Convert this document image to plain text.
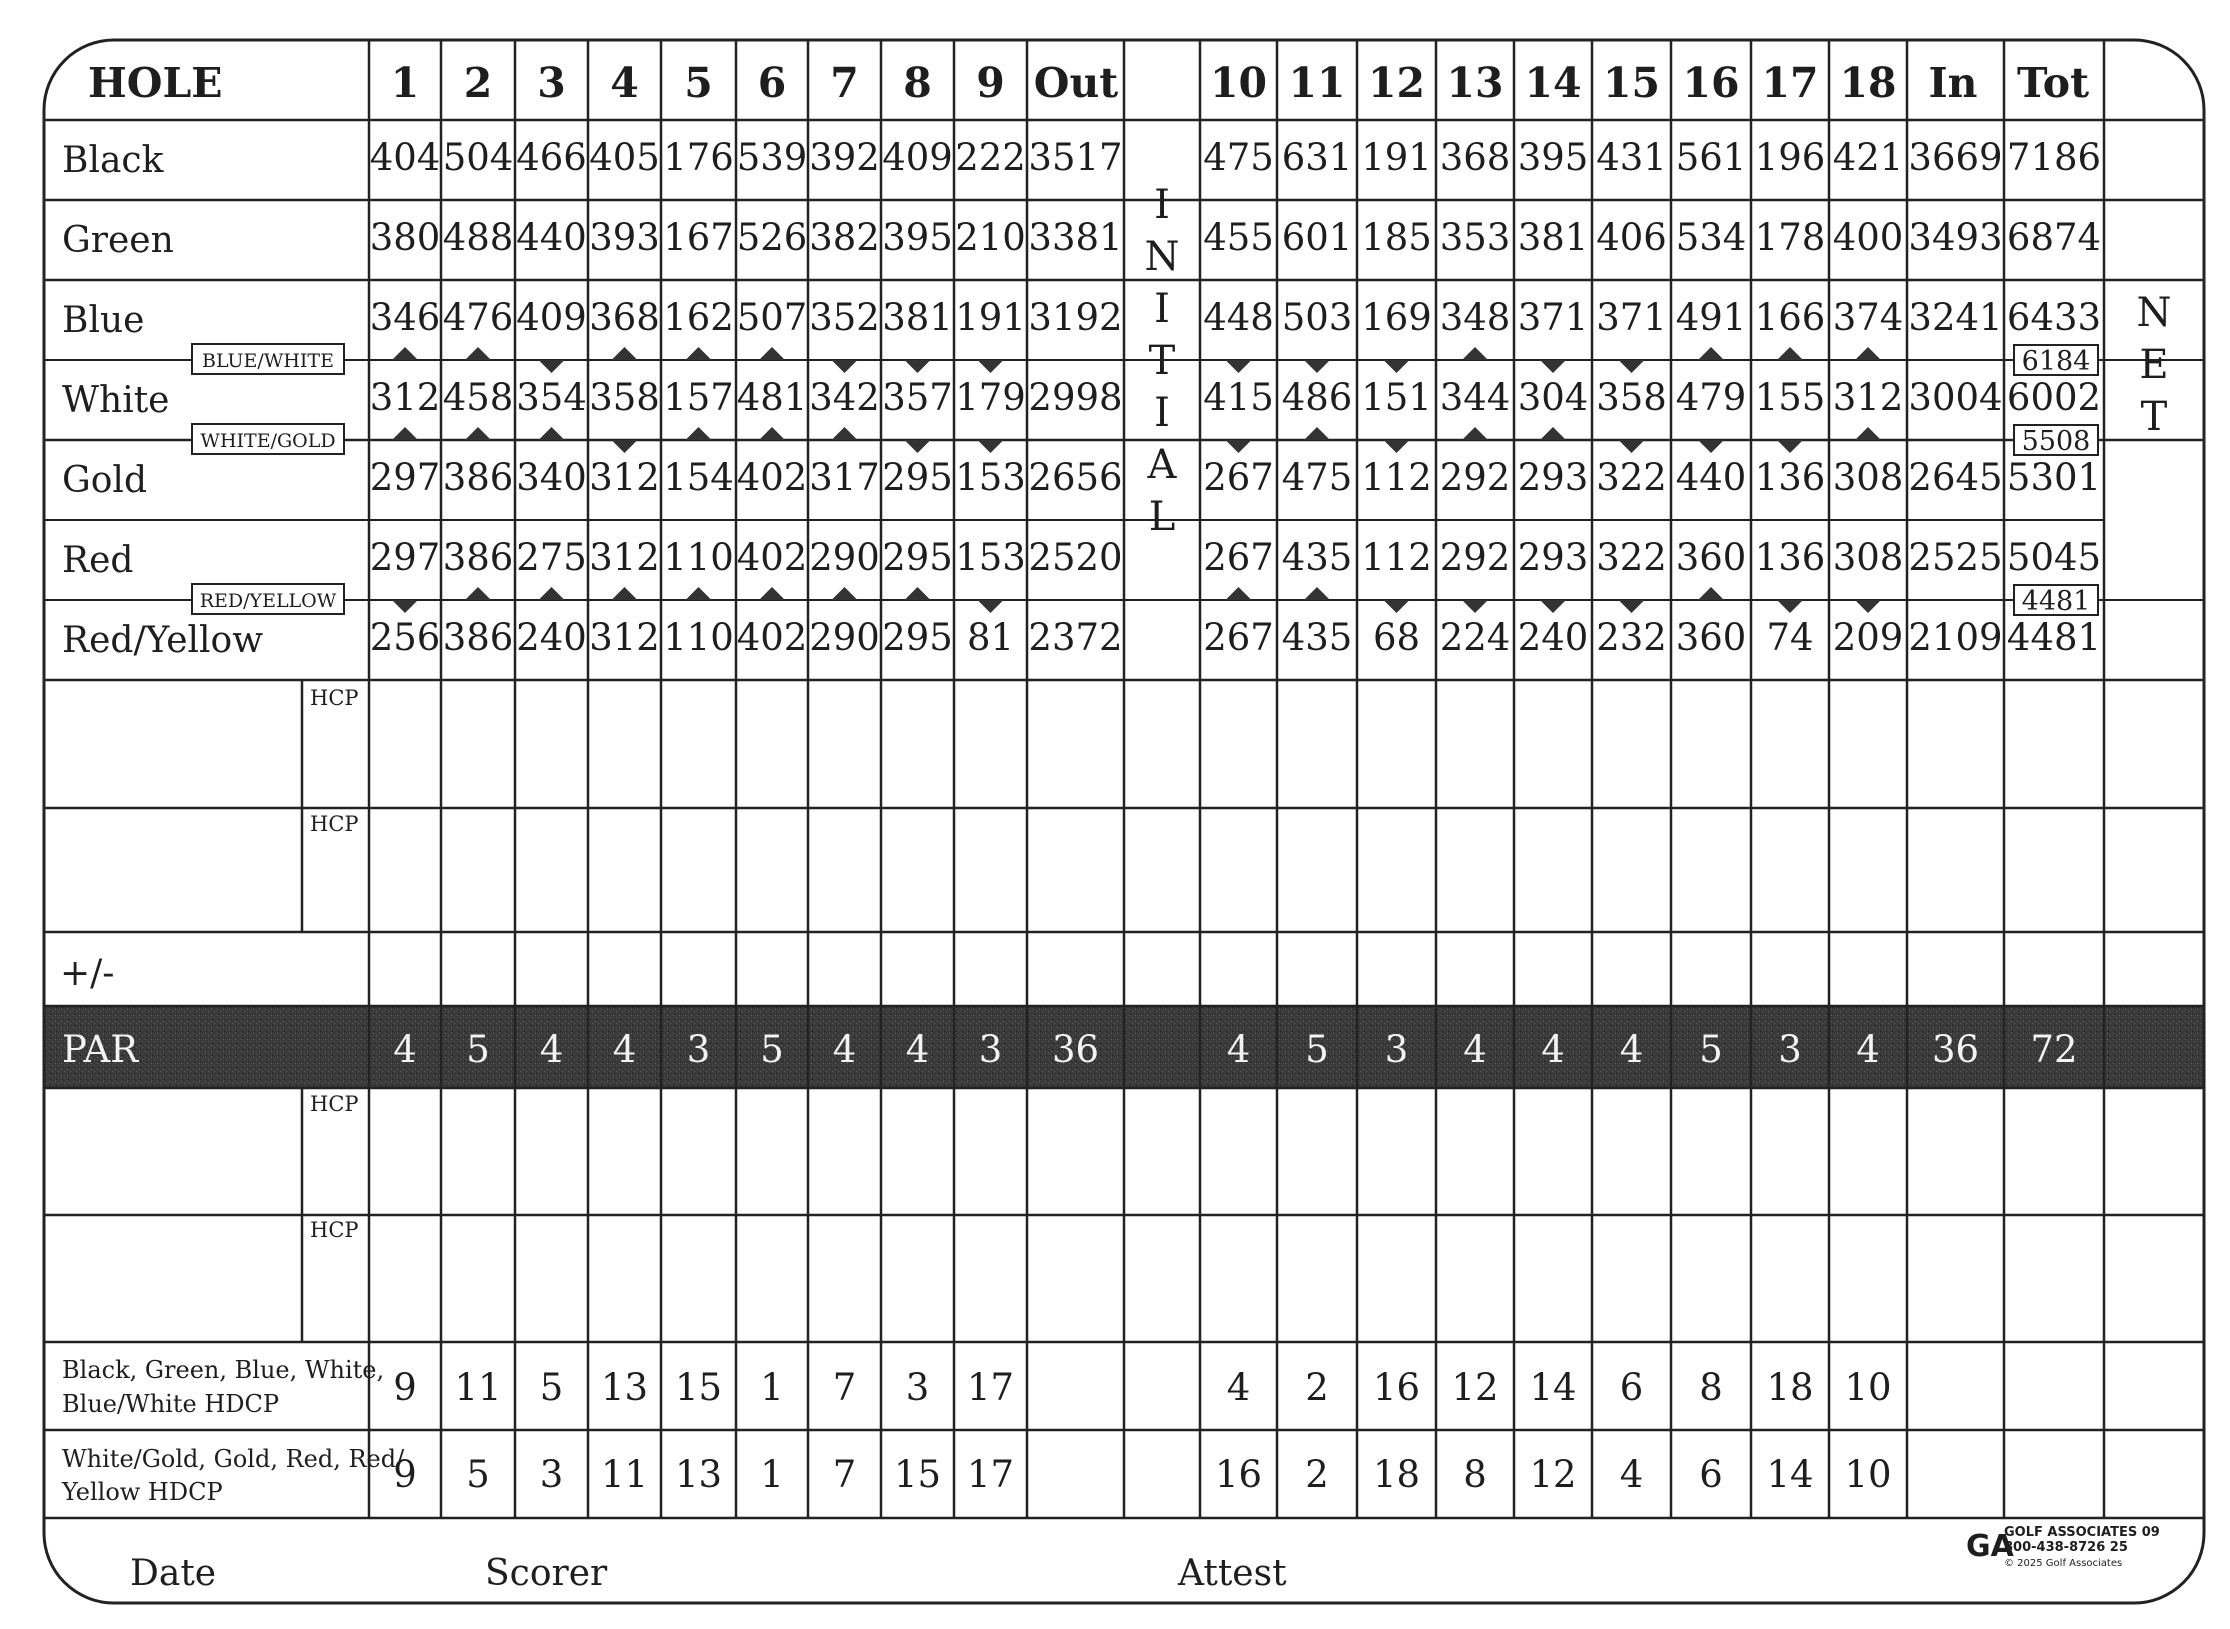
HOLE	1 2 3 4 5 6 7 8 9 Out 10 11 12 13 14 15 16 17 18 In Tot
Black	404 504 466 405 176 539 392 409 222 3517 475 631 191 368 395 431 561 196 421 3669 7186
Green	380 488 440 393 167 526 382 395 210 3381 455 601 185 353 381 406 534 178 400 3493 6874
Blue	346 476 409 368 162 507 352 381 191 3192 448 503 169 348 371 371 491 166 374 3241 6433
White	312 458 354 358 157 481 342 357 179 2998 415 486 151 344 304 358 479 155 312 3004 6002
Gold	297 386 340 312 154 402 317 295 153 2656 267 475 112 292 293 322 440 136 308 2645 5301
Red	297 386 275 312 110 402 290 295 153 2520 267 435 112 292 293 322 360 136 308 2525 5045
Red/Yellow	256 386 240 312 110 402 290 295 81 2372 267 435 68 224 240 232 360 74 209 2109 4481
BLUE/WHITE	6184
WHITE/GOLD	5508
RED/YELLOW	4481
I
N
I
T
I
A
L
N
E
T
HCP
HCP
HCP
HCP
+/-
PAR	4 5 4 4 3 5 4 4 3 36	4 5 3 4 4 4 5 3 4 36 72
Black, Green, Blue, White,
Blue/White HDCP
White/Gold, Gold, Red, Red/
Yellow HDCP
9 11 5 13 15 1 7 3 17	4 2 16 12 14 6 8 18 10
9 5 3 11 13 1 7 15 17	16 2 18 8 12 4 6 14 10
Date	Scorer	Attest
GA
GOLF ASSOCIATES 09
800-438-8726 25
© 2025 Golf Associates
